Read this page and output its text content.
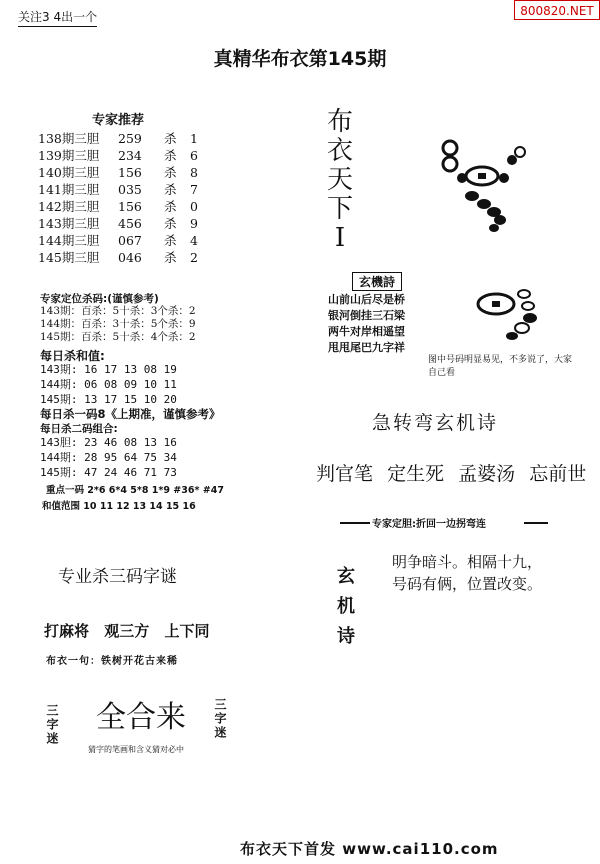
关注3 4出一个	800820.NET
真精华布衣第145期
专家推荐
138期三胆 259 杀 1
139期三胆 234 杀 6
140期三胆 156 杀 8
141期三胆 035 杀 7
142期三胆 156 杀 0
143期三胆 456 杀 9
144期三胆 067 杀 4
145期三胆 046 杀 2
专家定位杀码:(谨慎参考)
143期：百杀：5十杀：3个杀：2
144期：百杀：3十杀：5个杀：9
145期：百杀：5十杀：4个杀：2
每日杀和值:
143期: 16 17 13 08 19
144期: 06 08 09 10 11
145期: 13 17 15 10 20
每日杀一码8《上期准，谨慎参考》
每日杀二码组合:
143胆: 23 46 08 13 16
144期: 28 95 64 75 34
145期: 47 24 46 71 73
重点一码 2*6 6*4 5*8 1*9 #36* #47
和值范围 10 11 12 13 14 15 16
专业杀三码字谜
打麻将 观三方 上下同
布衣一句：铁树开花古来稀
三字迷 全合来 三字迷
猜字的笔画和含义猜对必中
布
衣
天
下
I
玄機詩
山前山后尽是桥
银河倒挂三石梁
两牛对岸相遥望
甩甩尾巴九字祥
图中号码明显易见，不多说了，大家自己看
急转弯玄机诗
判官笔 定生死 孟婆汤 忘前世
专家定胆:折回一边拐弯连
玄
机
诗
明争暗斗。相隔十九，
号码有俩，位置改变。
布衣天下首发 www.cai110.com
